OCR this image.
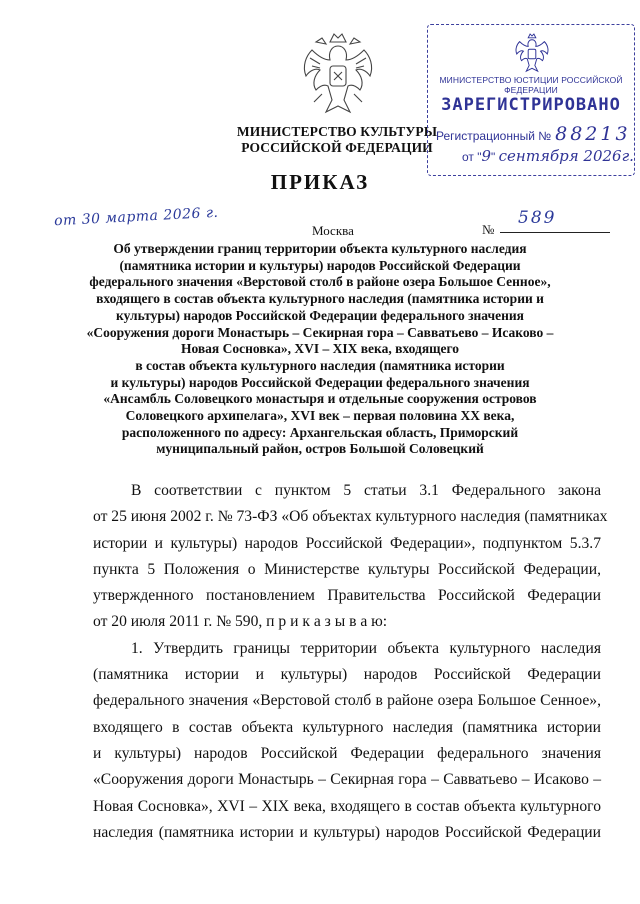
МИНИСТЕРСТВО КУЛЬТУРЫ
РОССИЙСКОЙ ФЕДЕРАЦИИ
МИНИСТЕРСТВО ЮСТИЦИИ РОССИЙСКОЙ ФЕДЕРАЦИИ
ЗАРЕГИСТРИРОВАНО
Регистрационный № 88213
от "9" сентября 2026г.
ПРИКАЗ
от 30 марта 2026 г.
Москва	№
589
Об утверждении границ территории объекта культурного наследия
(памятника истории и культуры) народов Российской Федерации
федерального значения «Верстовой столб в районе озера Большое Сенное»,
входящего в состав объекта культурного наследия (памятника истории и
культуры) народов Российской Федерации федерального значения
«Сооружения дороги Монастырь – Секирная гора – Савватьево – Исаково –
Новая Сосновка», XVI – XIX века, входящего
в состав объекта культурного наследия (памятника истории
и культуры) народов Российской Федерации федерального значения
«Ансамбль Соловецкого монастыря и отдельные сооружения островов
Соловецкого архипелага», XVI век – первая половина XX века,
расположенного по адресу: Архангельская область, Приморский
муниципальный район, остров Большой Соловецкий
В соответствии с пунктом 5 статьи 3.1 Федерального закона
от 25 июня 2002 г. № 73-ФЗ «Об объектах культурного наследия (памятниках
истории и культуры) народов Российской Федерации», подпунктом 5.3.7
пункта 5 Положения о Министерстве культуры Российской Федерации,
утвержденного постановлением Правительства Российской Федерации
от 20 июля 2011 г. № 590, п р и к а з ы в а ю:
1. Утвердить границы территории объекта культурного наследия
(памятника истории и культуры) народов Российской Федерации
федерального значения «Верстовой столб в районе озера Большое Сенное»,
входящего в состав объекта культурного наследия (памятника истории
и культуры) народов Российской Федерации федерального значения
«Сооружения дороги Монастырь – Секирная гора – Савватьево – Исаково –
Новая Сосновка», XVI – XIX века, входящего в состав объекта культурного
наследия (памятника истории и культуры) народов Российской Федерации
